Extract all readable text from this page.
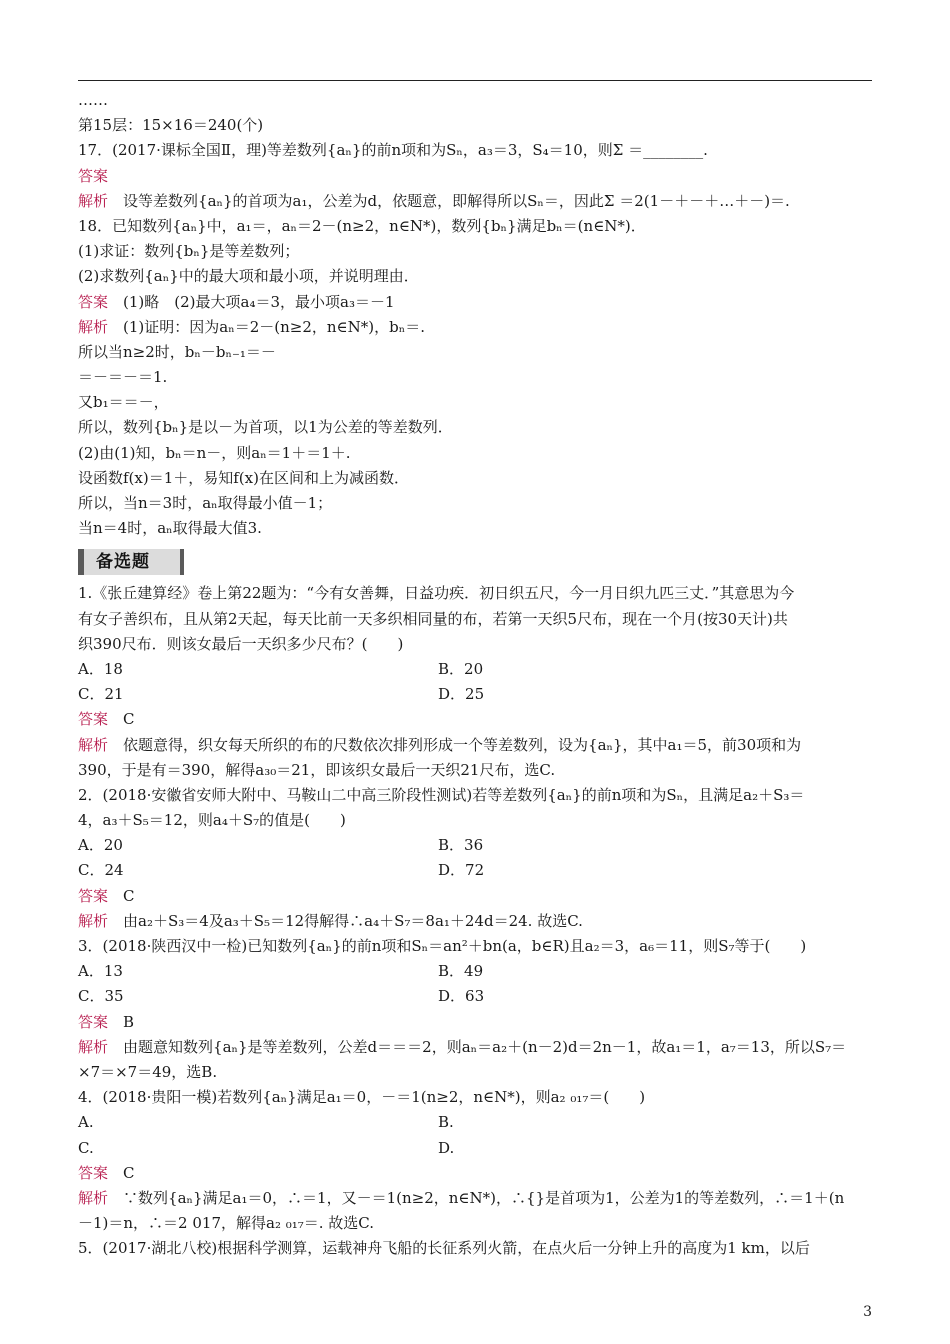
……
第15层：15×16＝240(个)
17．(2017·课标全国Ⅱ，理)等差数列{aₙ}的前n项和为Sₙ，a₃＝3，S₄＝10，则Σ ＝________.
答案
解析　 设等差数列{aₙ}的首项为a₁，公差为d，依题意，即解得所以Sₙ＝，因此Σ ＝2(1－＋－＋…＋－)＝.
18．已知数列{aₙ}中，a₁＝，aₙ＝2－(n≥2，n∈N*)，数列{bₙ}满足bₙ＝(n∈N*)．
(1)求证：数列{bₙ}是等差数列；
(2)求数列{aₙ}中的最大项和最小项，并说明理由．
答案　 (1)略　(2)最大项a₄＝3，最小项a₃＝－1
解析　 (1)证明：因为aₙ＝2－(n≥2，n∈N*)，bₙ＝.
所以当n≥2时，bₙ－bₙ₋₁＝－
＝－＝－＝1.
又b₁＝＝－，
所以，数列{bₙ}是以－为首项，以1为公差的等差数列．
(2)由(1)知，bₙ＝n－，则aₙ＝1＋＝1＋.
设函数f(x)＝1＋，易知f(x)在区间和上为减函数．
所以，当n＝3时，aₙ取得最小值－1；
当n＝4时，aₙ取得最大值3.
备选题
1.《张丘建算经》卷上第22题为：“今有女善舞，日益功疾．初日织五尺，今一月日织九匹三丈．”其意思为今
有女子善织布，且从第2天起，每天比前一天多织相同量的布，若第一天织5尺布，现在一个月(按30天计)共
织390尺布．则该女最后一天织多少尺布？(　　)
A．18	B．20
C．21	D．25
答案　 C
解析　 依题意得，织女每天所织的布的尺数依次排列形成一个等差数列，设为{aₙ}，其中a₁＝5，前30项和为
390，于是有＝390，解得a₃₀＝21，即该织女最后一天织21尺布，选C.
2．(2018·安徽省安师大附中、马鞍山二中高三阶段性测试)若等差数列{aₙ}的前n项和为Sₙ，且满足a₂＋S₃＝
4，a₃＋S₅＝12，则a₄＋S₇的值是(　　)
A．20	B．36
C．24	D．72
答案　 C
解析　 由a₂＋S₃＝4及a₃＋S₅＝12得解得∴a₄＋S₇＝8a₁＋24d＝24. 故选C.
3．(2018·陕西汉中一检)已知数列{aₙ}的前n项和Sₙ＝an²＋bn(a，b∈R)且a₂＝3，a₆＝11，则S₇等于(　　)
A．13	B．49
C．35	D．63
答案　 B
解析　 由题意知数列{aₙ}是等差数列，公差d＝＝＝2，则aₙ＝a₂＋(n－2)d＝2n－1，故a₁＝1，a₇＝13，所以S₇＝
×7＝×7＝49，选B.
4．(2018·贵阳一模)若数列{aₙ}满足a₁＝0，－＝1(n≥2，n∈N*)，则a₂ ₀₁₇＝(　　)
A.	B.
C.	D.
答案　 C
解析　 ∵数列{aₙ}满足a₁＝0，∴＝1，又－＝1(n≥2，n∈N*)，∴{}是首项为1，公差为1的等差数列，∴＝1＋(n
－1)＝n，∴＝2 017，解得a₂ ₀₁₇＝. 故选C.
5．(2017·湖北八校)根据科学测算，运载神舟飞船的长征系列火箭，在点火后一分钟上升的高度为1 km，以后
3
